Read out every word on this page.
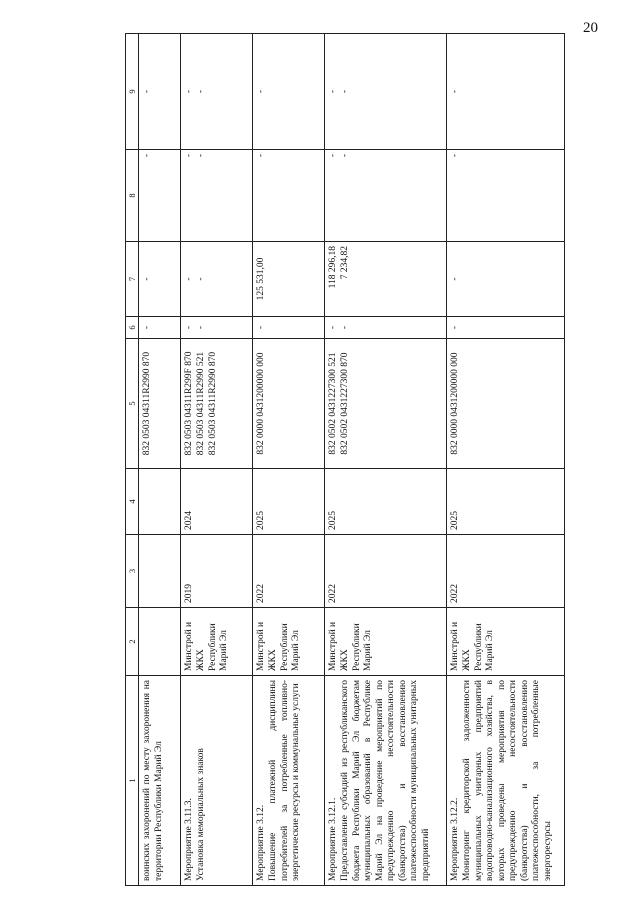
20
1	2	3	4	5	6	7	8	9

воинских захоронений по месту захоронения на территории Республики Марий Эл				832 0503 04311R2990 870	-	-	-	-

Мероприятие 3.11.3. Установка мемориальных знаков	Минстрой и ЖКХ Республики Марий Эл	2019	2024	832 0503 04311R299F 870 832 0503 04311R2990 521 832 0503 04311R2990 870	- -	- -	- -	- -

Мероприятие 3.12. Повышение платежной дисциплины потребителей за потребленные топливно-энергетические ресурсы и коммунальные услуги	Минстрой и ЖКХ Республики Марий Эл	2022	2025	832 0000 0431200000 000	-	125 531,00	-	-

Мероприятие 3.12.1. Предоставление субсидий из республиканского бюджета Республики Марий Эл бюджетам муниципальных образований в Республике Марий Эл на проведение мероприятий по предупреждению несостоятельности (банкротства) и восстановлению платежеспособности муниципальных унитарных предприятий	Минстрой и ЖКХ Республики Марий Эл	2022	2025	832 0502 0431227300 521 832 0502 0431227300 870	- -	118 296,18 7 234,82	- -	- -

Мероприятие 3.12.2. Мониторинг кредиторской задолженности муниципальных унитарных предприятий водопроводно-канализационного хозяйства, в которых проведены мероприятия по предупреждению несостоятельности (банкротства) и восстановлению платежеспособности, за потребленные энергоресурсы	Минстрой и ЖКХ Республики Марий Эл	2022	2025	832 0000 0431200000 000	-	-	-	-
